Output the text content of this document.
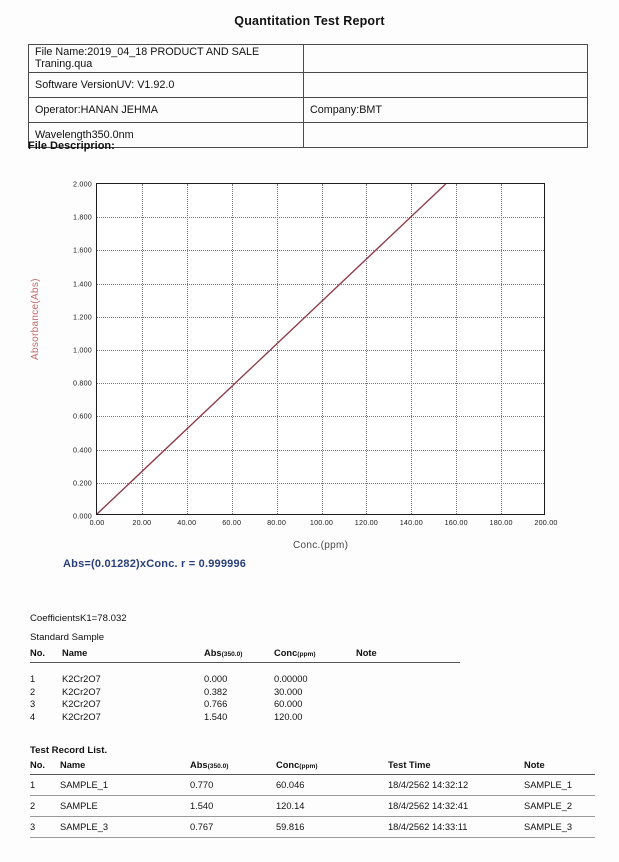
Quantitation Test Report
File Name:2019_04_18 PRODUCT AND SALE Traning.qua	
Software VersionUV: V1.92.0	
Operator:HANAN JEHMA	Company:BMT
Wavelength350.0nm	
File Descriprion:
Absorbance(Abs)
Conc.(ppm)
0.000
0.200
0.400
0.600
0.800
1.000
1.200
1.400
1.600
1.800
2.000
0.00	20.00	40.00	60.00	80.00	100.00	120.00	140.00	160.00	180.00	200.00
Abs=(0.01282)xConc. r = 0.999996
CoefficientsK1=78.032
Standard Sample
No.	Name	Abs(350.0)	Conc(ppm)	Note
1	K2Cr2O7	0.000	0.00000	
2	K2Cr2O7	0.382	30.000	
3	K2Cr2O7	0.766	60.000	
4	K2Cr2O7	1.540	120.00	
Test Record List.
No.	Name	Abs(350.0)	Conc(ppm)	Test Time	Note
1	SAMPLE_1	0.770	60.046	18/4/2562 14:32:12	SAMPLE_1
2	SAMPLE	1.540	120.14	18/4/2562 14:32:41	SAMPLE_2
3	SAMPLE_3	0.767	59.816	18/4/2562 14:33:11	SAMPLE_3
